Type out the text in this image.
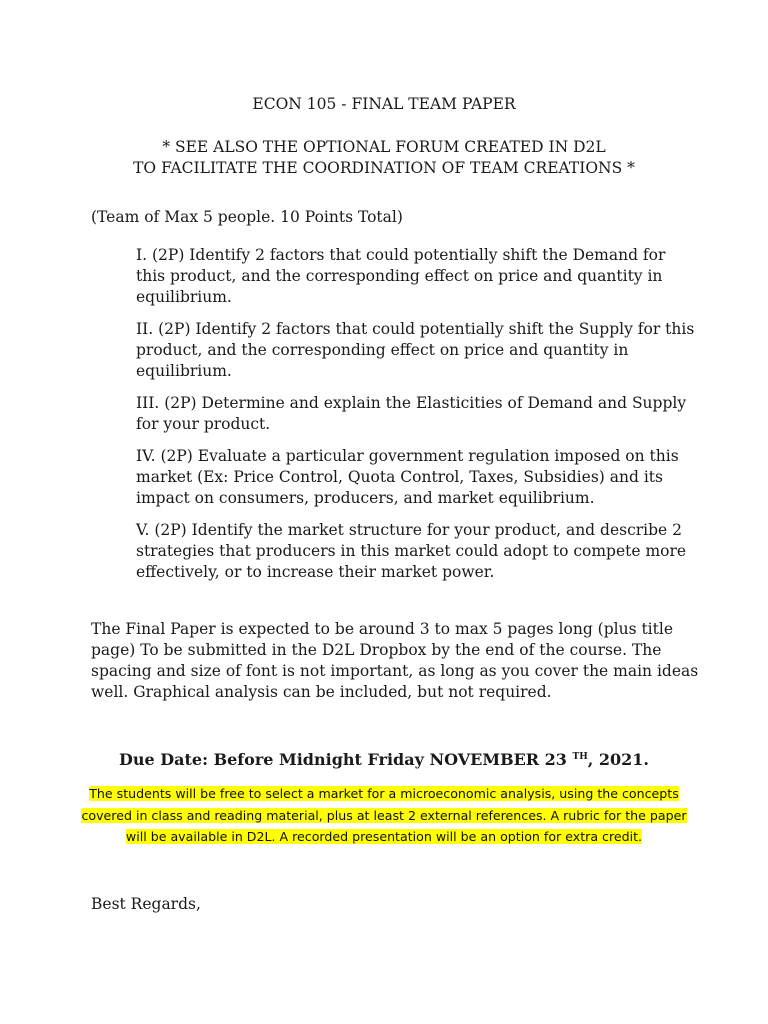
ECON 105 - FINAL TEAM PAPER
* SEE ALSO THE OPTIONAL FORUM CREATED IN D2L
TO FACILITATE THE COORDINATION OF TEAM CREATIONS *
(Team of Max 5 people. 10 Points Total)

I. (2P) Identify 2 factors that could potentially shift the Demand for this product, and the corresponding effect on price and quantity in equilibrium.

II. (2P) Identify 2 factors that could potentially shift the Supply for this product, and the corresponding effect on price and quantity in equilibrium.

III. (2P) Determine and explain the Elasticities of Demand and Supply for your product.

IV. (2P) Evaluate a particular government regulation imposed on this market (Ex: Price Control, Quota Control, Taxes, Subsidies) and its impact on consumers, producers, and market equilibrium.

V. (2P) Identify the market structure for your product, and describe 2 strategies that producers in this market could adopt to compete more effectively, or to increase their market power.

The Final Paper is expected to be around 3 to max 5 pages long (plus title page) To be submitted in the D2L Dropbox by the end of the course. The spacing and size of font is not important, as long as you cover the main ideas well. Graphical analysis can be included, but not required.
Due Date: Before Midnight Friday NOVEMBER 23 $^{TH}$, 2021.
The students will be free to select a market for a microeconomic analysis, using the concepts covered in class and reading material, plus at least 2 external references. A rubric for the paper will be available in D2L. A recorded presentation will be an option for extra credit.
Best Regards,
